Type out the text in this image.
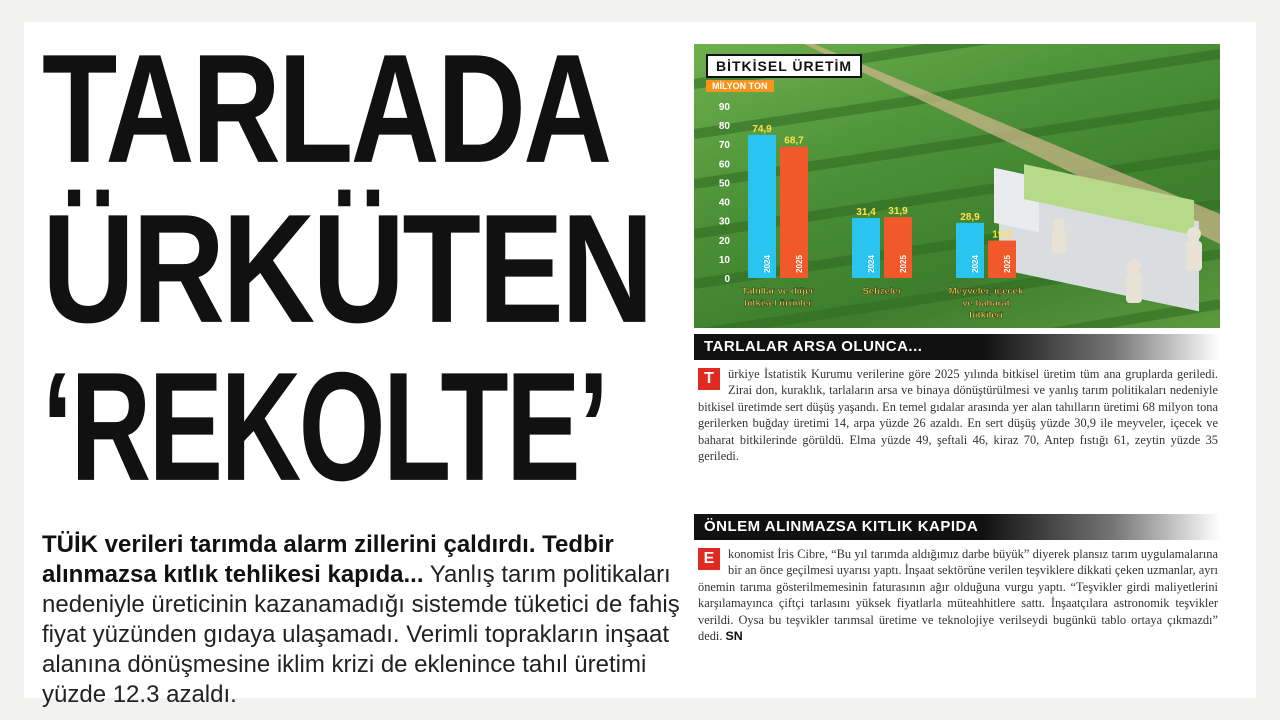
TARLADA
ÜRKÜTEN
‘REKOLTE’

TÜİK verileri tarımda alarm zillerini çaldırdı. Tedbir alınmazsa kıtlık tehlikesi kapıda... Yanlış tarım politikaları nedeniyle üreticinin kazanamadığı sistemde tüketici de fahiş fiyat yüzünden gıdaya ulaşamadı. Verimli toprakların inşaat alanına dönüşmesine iklim krizi de eklenince tahıl üretimi yüzde 12.3 azaldı.

0
10
20
30
40
50
60
70
80
90
2024
74,9
2025
68,7
Tahıllar ve diğer
bitkisel ürünler
2024
31,4
2025
31,9
Sebzeler
2024
28,9
2025
19,6
Meyveler, içecek
ve baharat
bitkileri
BİTKİSEL ÜRETİM
MİLYON TON
TARLALAR ARSA OLUNCA...
T	ürkiye İstatistik Kurumu verilerine göre 2025 yılında bitkisel üretim tüm ana gruplarda geriledi. Zirai don, kuraklık, tarlaların arsa ve binaya dönüştürülmesi ve yanlış tarım politikaları nedeniyle bitkisel üretimde sert düşüş yaşandı. En temel gıdalar arasında yer alan tahılların üretimi 68 milyon tona gerilerken buğday üretimi 14, arpa yüzde 26 azaldı. En sert düşüş yüzde 30,9 ile meyveler, içecek ve baharat bitkilerinde görüldü. Elma yüzde 49, şeftali 46, kiraz 70, Antep fıstığı 61, zeytin yüzde 35 geriledi.
ÖNLEM ALINMAZSA KITLIK KAPIDA
E	konomist İris Cibre, “Bu yıl tarımda aldığımız darbe büyük” diyerek plansız tarım uygulamalarına bir an önce geçilmesi uyarısı yaptı. İnşaat sektörüne verilen teşviklere dikkati çeken uzmanlar, ayrı önemin tarıma gösterilmemesinin faturasının ağır olduğuna vurgu yaptı. “Teşvikler girdi maliyetlerini karşılamayınca çiftçi tarlasını yüksek fiyatlarla müteahhitlere sattı. İnşaatçılara astronomik teşvikler verildi. Oysa bu teşvikler tarımsal üretime ve teknolojiye verilseydi bugünkü tablo ortaya çıkmazdı” dedi. SN
